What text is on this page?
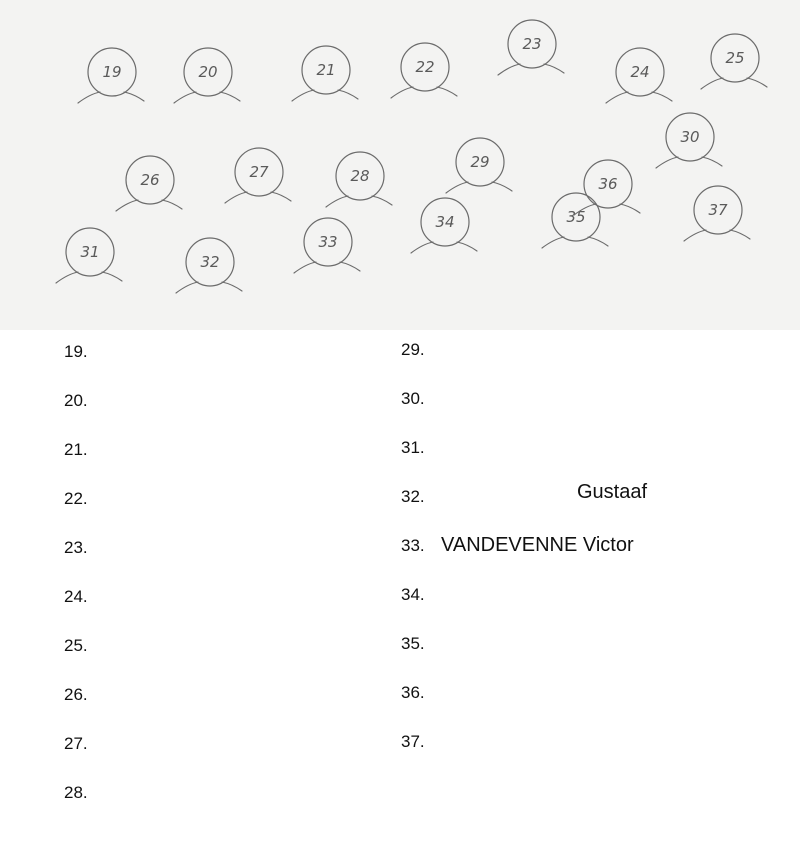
19	20	21	22
23
24
25
26	27	28
29
30
31
32
33
34	35
36
37
19.
20.
21.
22.
23.
24.
25.
26.
27.
28.
29.
30.
31.
32.	Gustaaf
33. VANDEVENNE Victor
34.
35.
36.
37.
